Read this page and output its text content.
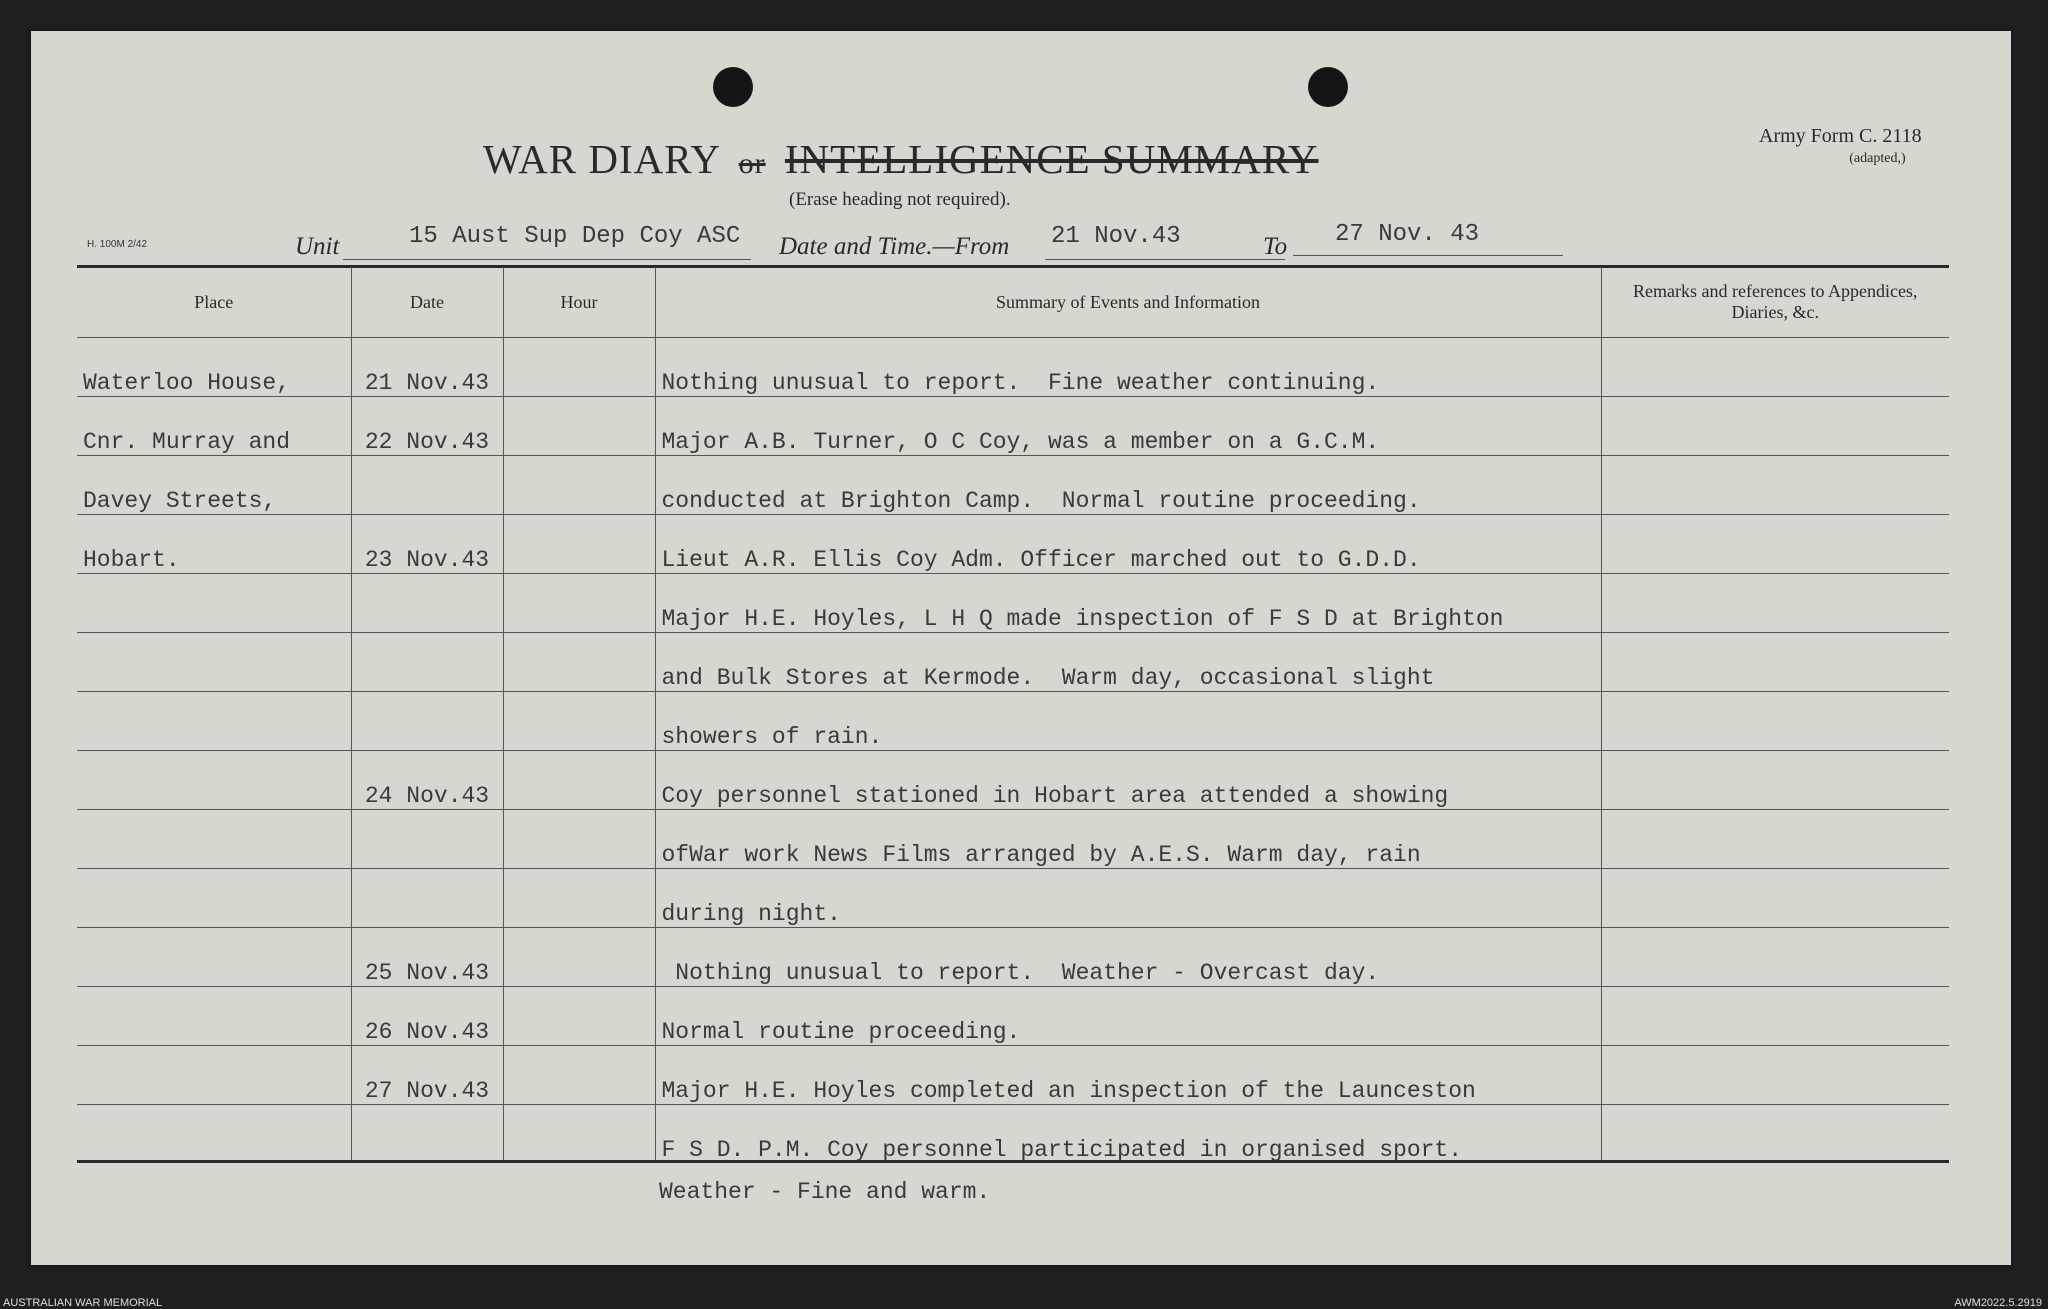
WAR DIARY or INTELLIGENCE SUMMARY
(Erase heading not required).
Army Form C. 2118
(adapted,)
H. 100M 2/42	Unit	15 Aust Sup Dep Coy ASC Date and Time.—From 21 Nov.43	To 27 Nov. 43
Place	Date	Hour	Summary of Events and Information	Remarks and references to Appendices, Diaries, &c.
Waterloo House,	21 Nov.43		Nothing unusual to report.  Fine weather continuing.	
Cnr. Murray and	22 Nov.43		Major A.B. Turner, O C Coy, was a member on a G.C.M.	
Davey Streets,			conducted at Brighton Camp.  Normal routine proceeding.	
Hobart.	23 Nov.43		Lieut A.R. Ellis Coy Adm. Officer marched out to G.D.D.	
			Major H.E. Hoyles, L H Q made inspection of F S D at Brighton	
			and Bulk Stores at Kermode.  Warm day, occasional slight	
			showers of rain.	
	24 Nov.43		Coy personnel stationed in Hobart area attended a showing	
			ofWar work News Films arranged by A.E.S. Warm day, rain	
			during night.	
	25 Nov.43		Nothing unusual to report.  Weather - Overcast day.	
	26 Nov.43		Normal routine proceeding.	
	27 Nov.43		Major H.E. Hoyles completed an inspection of the Launceston	
			F S D. P.M. Coy personnel participated in organised sport.	
Weather - Fine and warm.
AUSTRALIAN WAR MEMORIAL	AWM2022.5.2919
